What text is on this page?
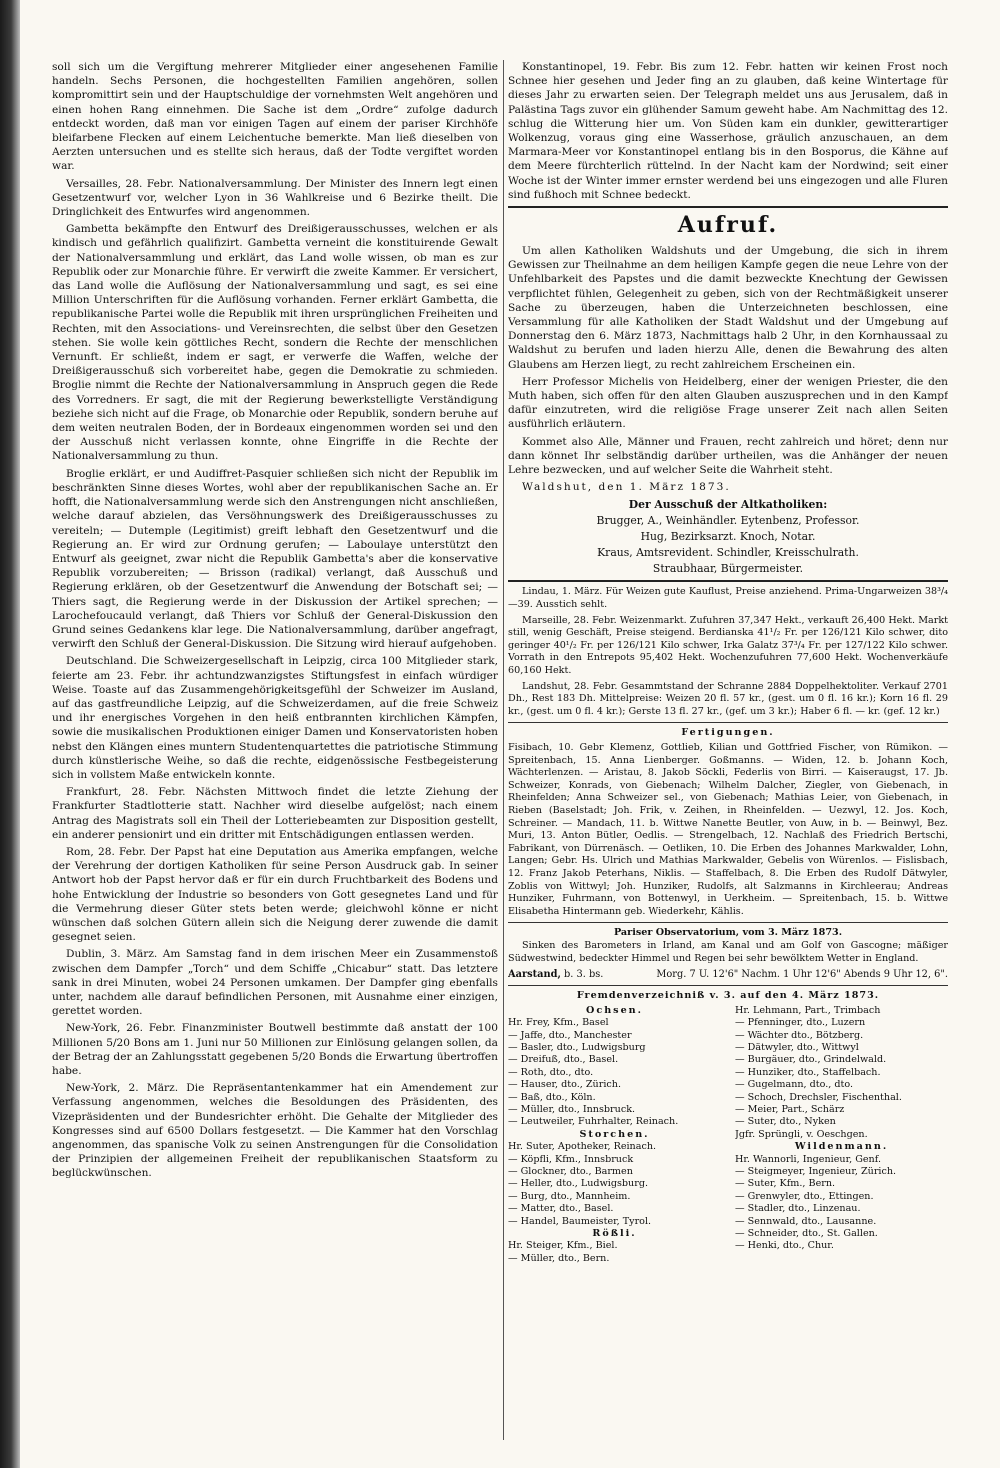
soll sich um die Vergiftung mehrerer Mitglieder einer angesehenen Familie handeln. Sechs Personen, die hochgestellten Familien angehören, sollen kompromittirt sein und der Hauptschuldige der vornehmsten Welt angehören und einen hohen Rang einnehmen. Die Sache ist dem „Ordre“ zufolge dadurch entdeckt worden, daß man vor einigen Tagen auf einem der pariser Kirchhöfe bleifarbene Flecken auf einem Leichentuche bemerkte. Man ließ dieselben von Aerzten untersuchen und es stellte sich heraus, daß der Todte vergiftet worden war.

Versailles, 28. Febr. Nationalversammlung. Der Minister des Innern legt einen Gesetzentwurf vor, welcher Lyon in 36 Wahlkreise und 6 Bezirke theilt. Die Dringlichkeit des Entwurfes wird angenommen.

Gambetta bekämpfte den Entwurf des Dreißigerausschusses, welchen er als kindisch und gefährlich qualifizirt. Gambetta verneint die konstituirende Gewalt der Nationalversammlung und erklärt, das Land wolle wissen, ob man es zur Republik oder zur Monarchie führe. Er verwirft die zweite Kammer. Er versichert, das Land wolle die Auflösung der Nationalversammlung und sagt, es sei eine Million Unterschriften für die Auflösung vorhanden. Ferner erklärt Gambetta, die republikanische Partei wolle die Republik mit ihren ursprünglichen Freiheiten und Rechten, mit den Associations- und Vereinsrechten, die selbst über den Gesetzen stehen. Sie wolle kein göttliches Recht, sondern die Rechte der menschlichen Vernunft. Er schließt, indem er sagt, er verwerfe die Waffen, welche der Dreißigerausschuß sich vorbereitet habe, gegen die Demokratie zu schmieden. Broglie nimmt die Rechte der Nationalversammlung in Anspruch gegen die Rede des Vorredners. Er sagt, die mit der Regierung bewerkstelligte Verständigung beziehe sich nicht auf die Frage, ob Monarchie oder Republik, sondern beruhe auf dem weiten neutralen Boden, der in Bordeaux eingenommen worden sei und den der Ausschuß nicht verlassen konnte, ohne Eingriffe in die Rechte der Nationalversammlung zu thun.

Broglie erklärt, er und Audiffret-Pasquier schließen sich nicht der Republik im beschränkten Sinne dieses Wortes, wohl aber der republikanischen Sache an. Er hofft, die Nationalversammlung werde sich den Anstrengungen nicht anschließen, welche darauf abzielen, das Versöhnungswerk des Dreißigerausschusses zu vereiteln; — Dutemple (Legitimist) greift lebhaft den Gesetzentwurf und die Regierung an. Er wird zur Ordnung gerufen; — Laboulaye unterstützt den Entwurf als geeignet, zwar nicht die Republik Gambetta's aber die konservative Republik vorzubereiten; — Brisson (radikal) verlangt, daß Ausschuß und Regierung erklären, ob der Gesetzentwurf die Anwendung der Botschaft sei; — Thiers sagt, die Regierung werde in der Diskussion der Artikel sprechen; — Larochefoucauld verlangt, daß Thiers vor Schluß der General-Diskussion den Grund seines Gedankens klar lege. Die Nationalversammlung, darüber angefragt, verwirft den Schluß der General-Diskussion. Die Sitzung wird hierauf aufgehoben.

Deutschland. Die Schweizergesellschaft in Leipzig, circa 100 Mitglieder stark, feierte am 23. Febr. ihr achtundzwanzigstes Stiftungsfest in einfach würdiger Weise. Toaste auf das Zusammengehörigkeitsgefühl der Schweizer im Ausland, auf das gastfreundliche Leipzig, auf die Schweizerdamen, auf die freie Schweiz und ihr energisches Vorgehen in den heiß entbrannten kirchlichen Kämpfen, sowie die musikalischen Produktionen einiger Damen und Konservatoristen hoben nebst den Klängen eines muntern Studentenquartettes die patriotische Stimmung durch künstlerische Weihe, so daß die rechte, eidgenössische Festbegeisterung sich in vollstem Maße entwickeln konnte.

Frankfurt, 28. Febr. Nächsten Mittwoch findet die letzte Ziehung der Frankfurter Stadtlotterie statt. Nachher wird dieselbe aufgelöst; nach einem Antrag des Magistrats soll ein Theil der Lotteriebeamten zur Disposition gestellt, ein anderer pensionirt und ein dritter mit Entschädigungen entlassen werden.

Rom, 28. Febr. Der Papst hat eine Deputation aus Amerika empfangen, welche der Verehrung der dortigen Katholiken für seine Person Ausdruck gab. In seiner Antwort hob der Papst hervor daß er für ein durch Fruchtbarkeit des Bodens und hohe Entwicklung der Industrie so besonders von Gott gesegnetes Land und für die Vermehrung dieser Güter stets beten werde; gleichwohl könne er nicht wünschen daß solchen Gütern allein sich die Neigung derer zuwende die damit gesegnet seien.

Dublin, 3. März. Am Samstag fand in dem irischen Meer ein Zusammenstoß zwischen dem Dampfer „Torch“ und dem Schiffe „Chicabur“ statt. Das letztere sank in drei Minuten, wobei 24 Personen umkamen. Der Dampfer ging ebenfalls unter, nachdem alle darauf befindlichen Personen, mit Ausnahme einer einzigen, gerettet worden.

New-York, 26. Febr. Finanzminister Boutwell bestimmte daß anstatt der 100 Millionen 5/20 Bons am 1. Juni nur 50 Millionen zur Einlösung gelangen sollen, da der Betrag der an Zahlungsstatt gegebenen 5/20 Bonds die Erwartung übertroffen habe.

New-York, 2. März. Die Repräsentantenkammer hat ein Amendement zur Verfassung angenommen, welches die Besoldungen des Präsidenten, des Vizepräsidenten und der Bundesrichter erhöht. Die Gehalte der Mitglieder des Kongresses sind auf 6500 Dollars festgesetzt. — Die Kammer hat den Vorschlag angenommen, das spanische Volk zu seinen Anstrengungen für die Consolidation der Prinzipien der allgemeinen Freiheit der republikanischen Staatsform zu beglückwünschen.

Konstantinopel, 19. Febr. Bis zum 12. Febr. hatten wir keinen Frost noch Schnee hier gesehen und Jeder fing an zu glauben, daß keine Wintertage für dieses Jahr zu erwarten seien. Der Telegraph meldet uns aus Jerusalem, daß in Palästina Tags zuvor ein glühender Samum geweht habe. Am Nachmittag des 12. schlug die Witterung hier um. Von Süden kam ein dunkler, gewitterartiger Wolkenzug, voraus ging eine Wasserhose, gräulich anzuschauen, an dem Marmara-Meer vor Konstantinopel entlang bis in den Bosporus, die Kähne auf dem Meere fürchterlich rüttelnd. In der Nacht kam der Nordwind; seit einer Woche ist der Winter immer ernster werdend bei uns eingezogen und alle Fluren sind fußhoch mit Schnee bedeckt.

Aufruf.

Um allen Katholiken Waldshuts und der Umgebung, die sich in ihrem Gewissen zur Theilnahme an dem heiligen Kampfe gegen die neue Lehre von der Unfehlbarkeit des Papstes und die damit bezweckte Knechtung der Gewissen verpflichtet fühlen, Gelegenheit zu geben, sich von der Rechtmäßigkeit unserer Sache zu überzeugen, haben die Unterzeichneten beschlossen, eine Versammlung für alle Katholiken der Stadt Waldshut und der Umgebung auf Donnerstag den 6. März 1873, Nachmittags halb 2 Uhr, in den Kornhaussaal zu Waldshut zu berufen und laden hierzu Alle, denen die Bewahrung des alten Glaubens am Herzen liegt, zu recht zahlreichem Erscheinen ein.

Herr Professor Michelis von Heidelberg, einer der wenigen Priester, die den Muth haben, sich offen für den alten Glauben auszusprechen und in den Kampf dafür einzutreten, wird die religiöse Frage unserer Zeit nach allen Seiten ausführlich erläutern.

Kommet also Alle, Männer und Frauen, recht zahlreich und höret; denn nur dann könnet Ihr selbständig darüber urtheilen, was die Anhänger der neuen Lehre bezwecken, und auf welcher Seite die Wahrheit steht.

Waldshut, den 1. März 1873.

Der Ausschuß der Altkatholiken:
Brugger, A., Weinhändler. Eytenbenz, Professor.
Hug, Bezirksarzt. Knoch, Notar.
Kraus, Amtsrevident. Schindler, Kreisschulrath.
Straubhaar, Bürgermeister.

Lindau, 1. März. Für Weizen gute Kauflust, Preise anziehend. Prima-Ungarweizen 38³/₄—39. Ausstich sehlt.

Marseille, 28. Febr. Weizenmarkt. Zufuhren 37,347 Hekt., verkauft 26,400 Hekt. Markt still, wenig Geschäft, Preise steigend. Berdianska 41¹/₂ Fr. per 126/121 Kilo schwer, dito geringer 40¹/₂ Fr. per 126/121 Kilo schwer, Irka Galatz 37³/₄ Fr. per 127/122 Kilo schwer. Vorrath in den Entrepots 95,402 Hekt. Wochenzufuhren 77,600 Hekt. Wochenverkäufe 60,160 Hekt.

Landshut, 28. Febr. Gesammtstand der Schranne 2884 Doppelhektoliter. Verkauf 2701 Dh., Rest 183 Dh. Mittelpreise: Weizen 20 fl. 57 kr., (gest. um 0 fl. 16 kr.); Korn 16 fl. 29 kr., (gest. um 0 fl. 4 kr.); Gerste 13 fl. 27 kr., (gef. um 3 kr.); Haber 6 fl. — kr. (gef. 12 kr.)

Fertigungen.

Fisibach, 10. Gebr Klemenz, Gottlieb, Kilian und Gottfried Fischer, von Rümikon. — Spreitenbach, 15. Anna Lienberger. Goßmanns. — Widen, 12. b. Johann Koch, Wächterlenzen. — Aristau, 8. Jakob Söckli, Federlis von Birri. — Kaiseraugst, 17. Jb. Schweizer, Konrads, von Giebenach; Wilhelm Dalcher, Ziegler, von Giebenach, in Rheinfelden; Anna Schweizer sel., von Giebenach; Mathias Leier, von Giebenach, in Rieben (Baselstadt; Joh. Frik, v. Zeihen, in Rheinfelden. — Uezwyl, 12. Jos. Koch, Schreiner. — Mandach, 11. b. Wittwe Nanette Beutler, von Auw, in b. — Beinwyl, Bez. Muri, 13. Anton Bütler, Oedlis. — Strengelbach, 12. Nachlaß des Friedrich Bertschi, Fabrikant, von Dürrenäsch. — Oetliken, 10. Die Erben des Johannes Markwalder, Lohn, Langen; Gebr. Hs. Ulrich und Mathias Markwalder, Gebelis von Würenlos. — Fislisbach, 12. Franz Jakob Peterhans, Niklis. — Staffelbach, 8. Die Erben des Rudolf Dätwyler, Zoblis von Wittwyl; Joh. Hunziker, Rudolfs, alt Salzmanns in Kirchleerau; Andreas Hunziker, Fuhrmann, von Bottenwyl, in Uerkheim. — Spreitenbach, 15. b. Wittwe Elisabetha Hintermann geb. Wiederkehr, Kählis.

Pariser Observatorium, vom 3. März 1873.

Sinken des Barometers in Irland, am Kanal und am Golf von Gascogne; mäßiger Südwestwind, bedeckter Himmel und Regen bei sehr bewölktem Wetter in England.

Aarstand, b. 3. bs.	Morg. 7 U. 12'6" Nachm. 1 Uhr 12'6" Abends 9 Uhr 12, 6".
Fremdenverzeichniß v. 3. auf den 4. März 1873.
Ochsen.
Hr. Frey, Kfm., Basel
— Jaffe, dto., Manchester
— Basler, dto., Ludwigsburg
— Dreifuß, dto., Basel.
— Roth, dto., dto.
— Hauser, dto., Zürich.
— Baß, dto., Köln.
— Müller, dto., Innsbruck.
— Leutweiler, Fuhrhalter, Reinach.
Storchen.
Hr. Suter, Apotheker, Reinach.
— Köpfli, Kfm., Innsbruck
— Glockner, dto., Barmen
— Heller, dto., Ludwigsburg.
— Burg, dto., Mannheim.
— Matter, dto., Basel.
— Handel, Baumeister, Tyrol.
Rößli.
Hr. Steiger, Kfm., Biel.
— Müller, dto., Bern.
Hr. Lehmann, Part., Trimbach
— Pfenninger, dto., Luzern
— Wächter dto., Bötzberg.
— Dätwyler, dto., Wittwyl
— Burgäuer, dto., Grindelwald.
— Hunziker, dto., Staffelbach.
— Gugelmann, dto., dto.
— Schoch, Drechsler, Fischenthal.
— Meier, Part., Schärz
— Suter, dto., Nyken
Jgfr. Sprüngli, v. Oeschgen.
Wildenmann.
Hr. Wannorli, Ingenieur, Genf.
— Steigmeyer, Ingenieur, Zürich.
— Suter, Kfm., Bern.
— Grenwyler, dto., Ettingen.
— Stadler, dto., Linzenau.
— Sennwald, dto., Lausanne.
— Schneider, dto., St. Gallen.
— Henki, dto., Chur.
